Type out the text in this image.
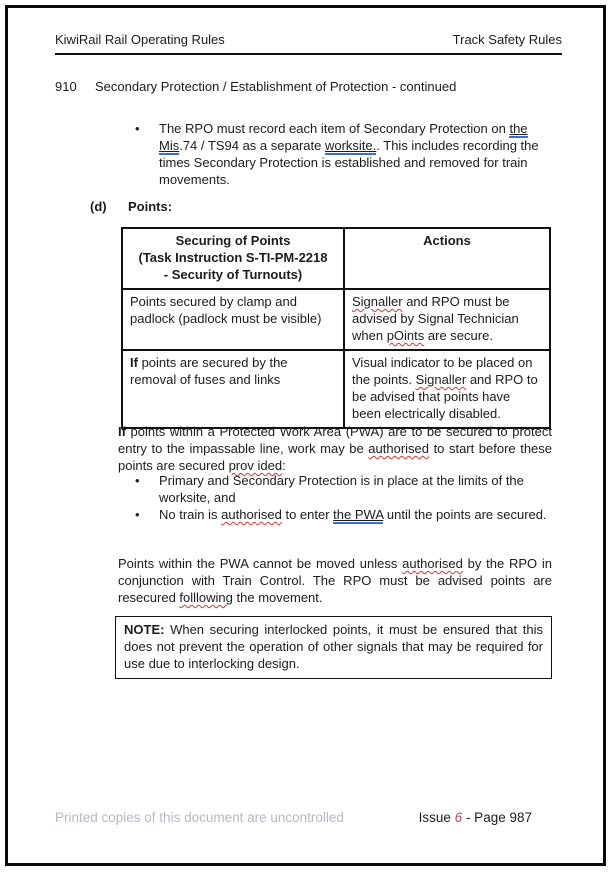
KiwiRail Rail Operating Rules	Track Safety Rules
910	Secondary Protection / Establishment of Protection - continued
•	The RPO must record each item of Secondary Protection on the Mis.74 / TS94 as a separate worksite.. This includes recording the times Secondary Protection is established and removed for train movements.
(d)	Points:
Securing of Points
(Task Instruction S-TI-PM-2218
- Security of Turnouts)	Actions
Points secured by clamp and padlock (padlock must be visible)	Signaller and RPO must be advised by Signal Technician when pOints are secure.
If points are secured by the removal of fuses and links	Visual indicator to be placed on the points. Signaller and RPO to be advised that points have been electrically disabled.
If points within a Protected Work Area (PWA) are to be secured to protect entry to the impassable line, work may be authorised to start before these points are secured prov ided:
•	Primary and Secondary Protection is in place at the limits of the worksite, and
•	No train is authorised to enter the PWA until the points are secured.
Points within the PWA cannot be moved unless authorised by the RPO in conjunction with Train Control. The RPO must be advised points are resecured folllowing the movement.
NOTE: When securing interlocked points, it must be ensured that this does not prevent the operation of other signals that may be required for use due to interlocking design.
Printed copies of this document are uncontrolled	Issue 6 - Page 987
